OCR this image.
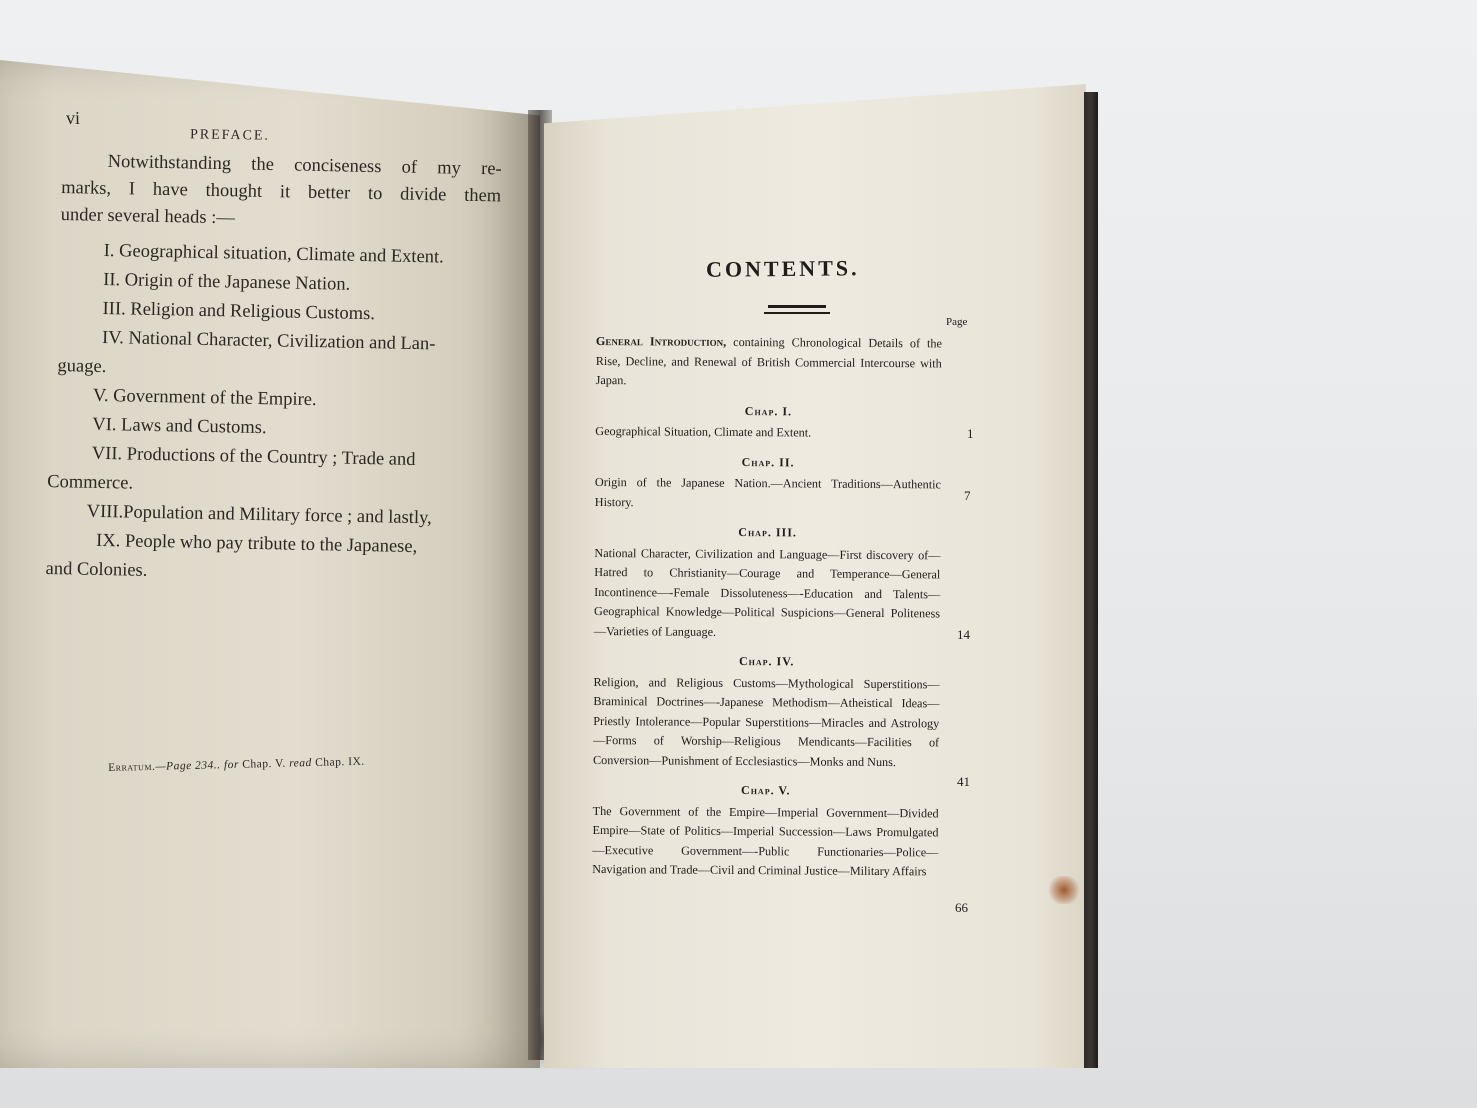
vi
PREFACE.

Notwithstanding the conciseness of my re-

marks, I have thought it better to divide them

under several heads :—

I. Geographical situation, Climate and Extent.
II. Origin of the Japanese Nation.
III. Religion and Religious Customs.
IV. National Character, Civilization and Lan-
guage.
V. Government of the Empire.
VI. Laws and Customs.
VII. Productions of the Country ; Trade and
Commerce.
VIII.Population and Military force ; and lastly,
IX. People who pay tribute to the Japanese,
and Colonies.
Erratum.—Page 234.. for Chap. V. read Chap. IX.
CONTENTS.
Page

General Introduction, containing Chronological Details of the Rise, Decline, and Renewal of British Commercial Intercourse with Japan.

Chap. I.

Geographical Situation, Climate and Extent.

Chap. II.

Origin of the Japanese Nation.—Ancient Traditions—Authentic History.

Chap. III.

National Character, Civilization and Language—First discovery of—Hatred to Christianity—Courage and Temperance—General Incontinence—-Female Dissoluteness—-Education and Talents—Geographical Knowledge—Political Suspicions—General Politeness—Varieties of Language.

Chap. IV.

Religion, and Religious Customs—Mythological Superstitions—Braminical Doctrines—-Japanese Methodism—Atheistical Ideas—Priestly Intolerance—Popular Superstitions—Miracles and Astrology—Forms of Worship—Religious Mendicants—Facilities of Conversion—Punishment of Ecclesiastics—Monks and Nuns.

Chap. V.

The Government of the Empire—Imperial Government—Divided Empire—State of Politics—Imperial Succession—Laws Promulgated—Executive Government—-Public Functionaries—Police—Navigation and Trade—Civil and Criminal Justice—Military Affairs

1
7
14
41
66
